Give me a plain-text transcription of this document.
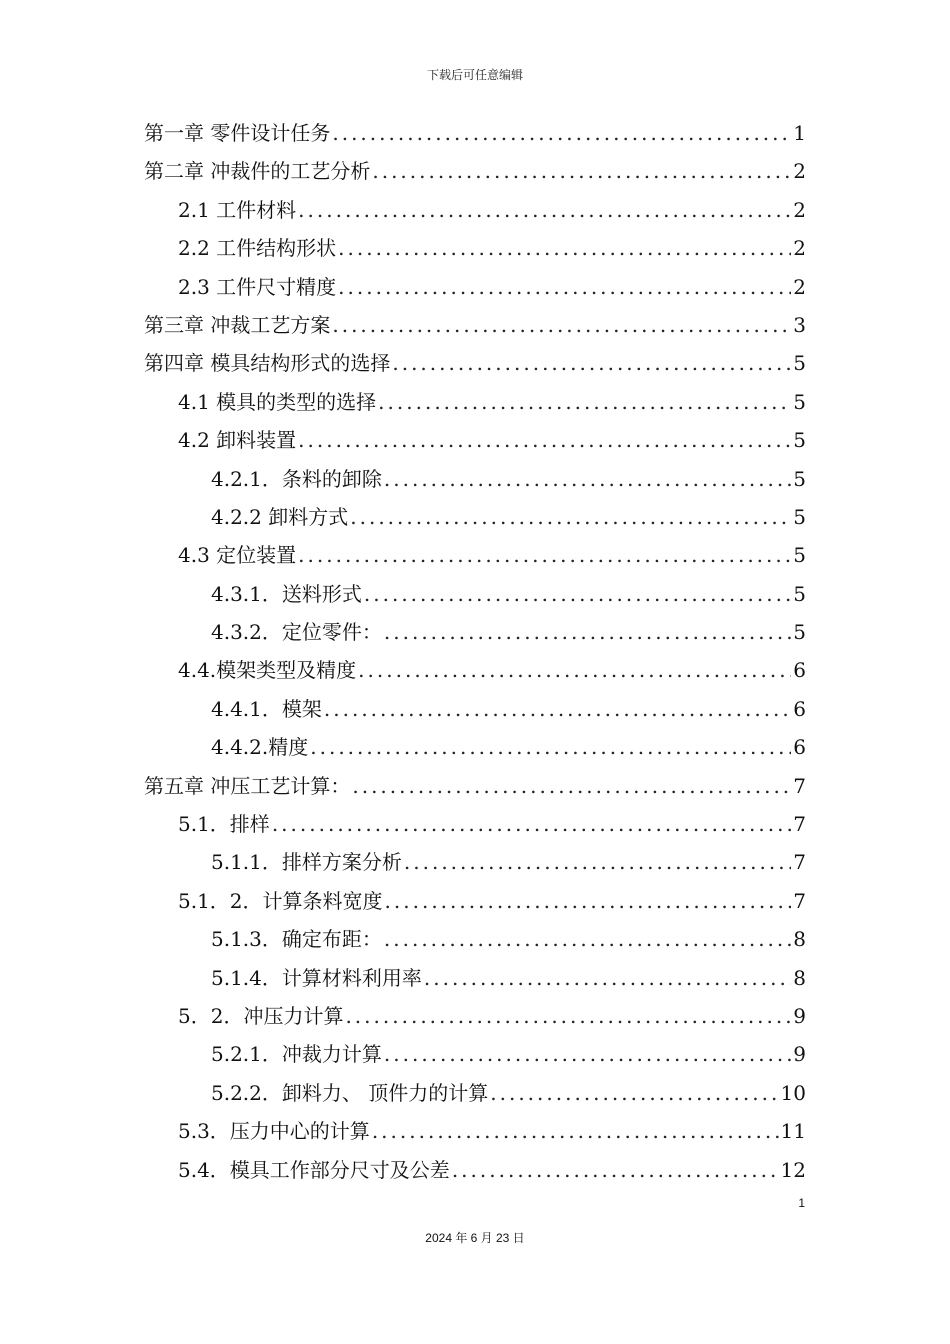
下载后可任意编辑
第一章 零件设计任务 .....	1
第二章 冲裁件的工艺分析 .....	2
2.1 工件材料 .....	2
2.2 工件结构形状 .....	2
2.3 工件尺寸精度 .....	2
第三章 冲裁工艺方案 .....	3
第四章 模具结构形式的选择 .....	5
4.1 模具的类型的选择 .....	5
4.2 卸料装置 .....	5
4.2.1．条料的卸除 .....	5
4.2.2 卸料方式 .....	5
4.3 定位装置 .....	5
4.3.1．送料形式 .....	5
4.3.2．定位零件： .....	5
4.4.模架类型及精度 .....	6
4.4.1．模架 .....	6
4.4.2.精度 .....	6
第五章 冲压工艺计算： .....	7
5.1．排样 .....	7
5.1.1．排样方案分析 .....	7
5.1．2．计算条料宽度 .....	7
5.1.3．确定布距： .....	8
5.1.4．计算材料利用率 .....	8
5．2．冲压力计算 .....	9
5.2.1．冲裁力计算 .....	9
5.2.2．卸料力、 顶件力的计算 .....	10
5.3．压力中心的计算 .....	11
5.4．模具工作部分尺寸及公差 .....	12
1
2024 年 6 月 23 日
